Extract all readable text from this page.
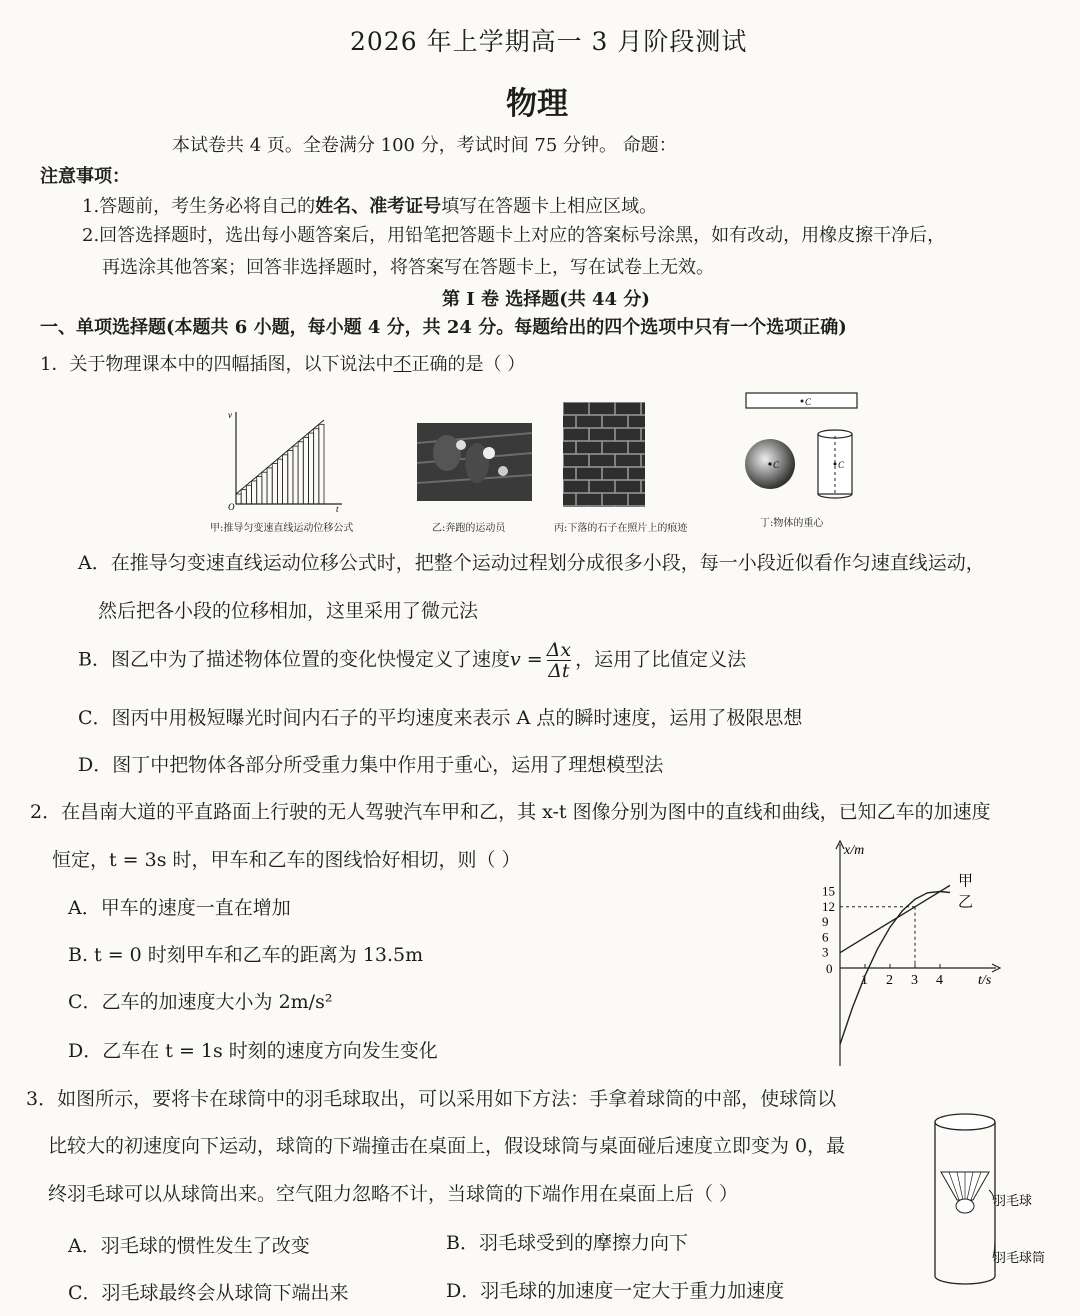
2026 年上学期高一 3 月阶段测试
物理
本试卷共 4 页。全卷满分 100 分，考试时间 75 分钟。 命题：
注意事项：
1.答题前，考生务必将自己的姓名、准考证号填写在答题卡上相应区域。
2.回答选择题时，选出每小题答案后，用铅笔把答题卡上对应的答案标号涂黑，如有改动，用橡皮擦干净后，
再选涂其他答案；回答非选择题时，将答案写在答题卡上，写在试卷上无效。
第 I 卷 选择题(共 44 分)
一、单项选择题(本题共 6 小题，每小题 4 分，共 24 分。每题给出的四个选项中只有一个选项正确)
1．关于物理课本中的四幅插图，以下说法中不正确的是（ ）
v
O	t
C
C	C
甲:推导匀变速直线运动位移公式	乙:奔跑的运动员	丙:下落的石子在照片上的痕迹	丁:物体的重心
A．在推导匀变速直线运动位移公式时，把整个运动过程划分成很多小段，每一小段近似看作匀速直线运动，
然后把各小段的位移相加，这里采用了微元法
B．图乙中为了描述物体位置的变化快慢定义了速度$v = \frac{\Delta x}{\Delta t}$ ，运用了比值定义法
C．图丙中用极短曝光时间内石子的平均速度来表示 A 点的瞬时速度，运用了极限思想
D．图丁中把物体各部分所受重力集中作用于重心，运用了理想模型法
2．在昌南大道的平直路面上行驶的无人驾驶汽车甲和乙，其 x-t 图像分别为图中的直线和曲线，已知乙车的加速度
恒定，t = 3s 时，甲车和乙车的图线恰好相切，则（ ）
A．甲车的速度一直在增加
B. t = 0 时刻甲车和乙车的距离为 13.5m
C．乙车的加速度大小为 2m/s²
D．乙车在 t = 1s 时刻的速度方向发生变化
1 2 3 4
0
3
6
9
12
15
t/s
x/m
甲
乙
3．如图所示，要将卡在球筒中的羽毛球取出，可以采用如下方法：手拿着球筒的中部，使球筒以
比较大的初速度向下运动，球筒的下端撞击在桌面上，假设球筒与桌面碰后速度立即变为 0，最
终羽毛球可以从球筒出来。空气阻力忽略不计，当球筒的下端作用在桌面上后（ ）
A．羽毛球的惯性发生了改变	B．羽毛球受到的摩擦力向下
C．羽毛球最终会从球筒下端出来	D．羽毛球的加速度一定大于重力加速度
羽毛球
羽毛球筒
